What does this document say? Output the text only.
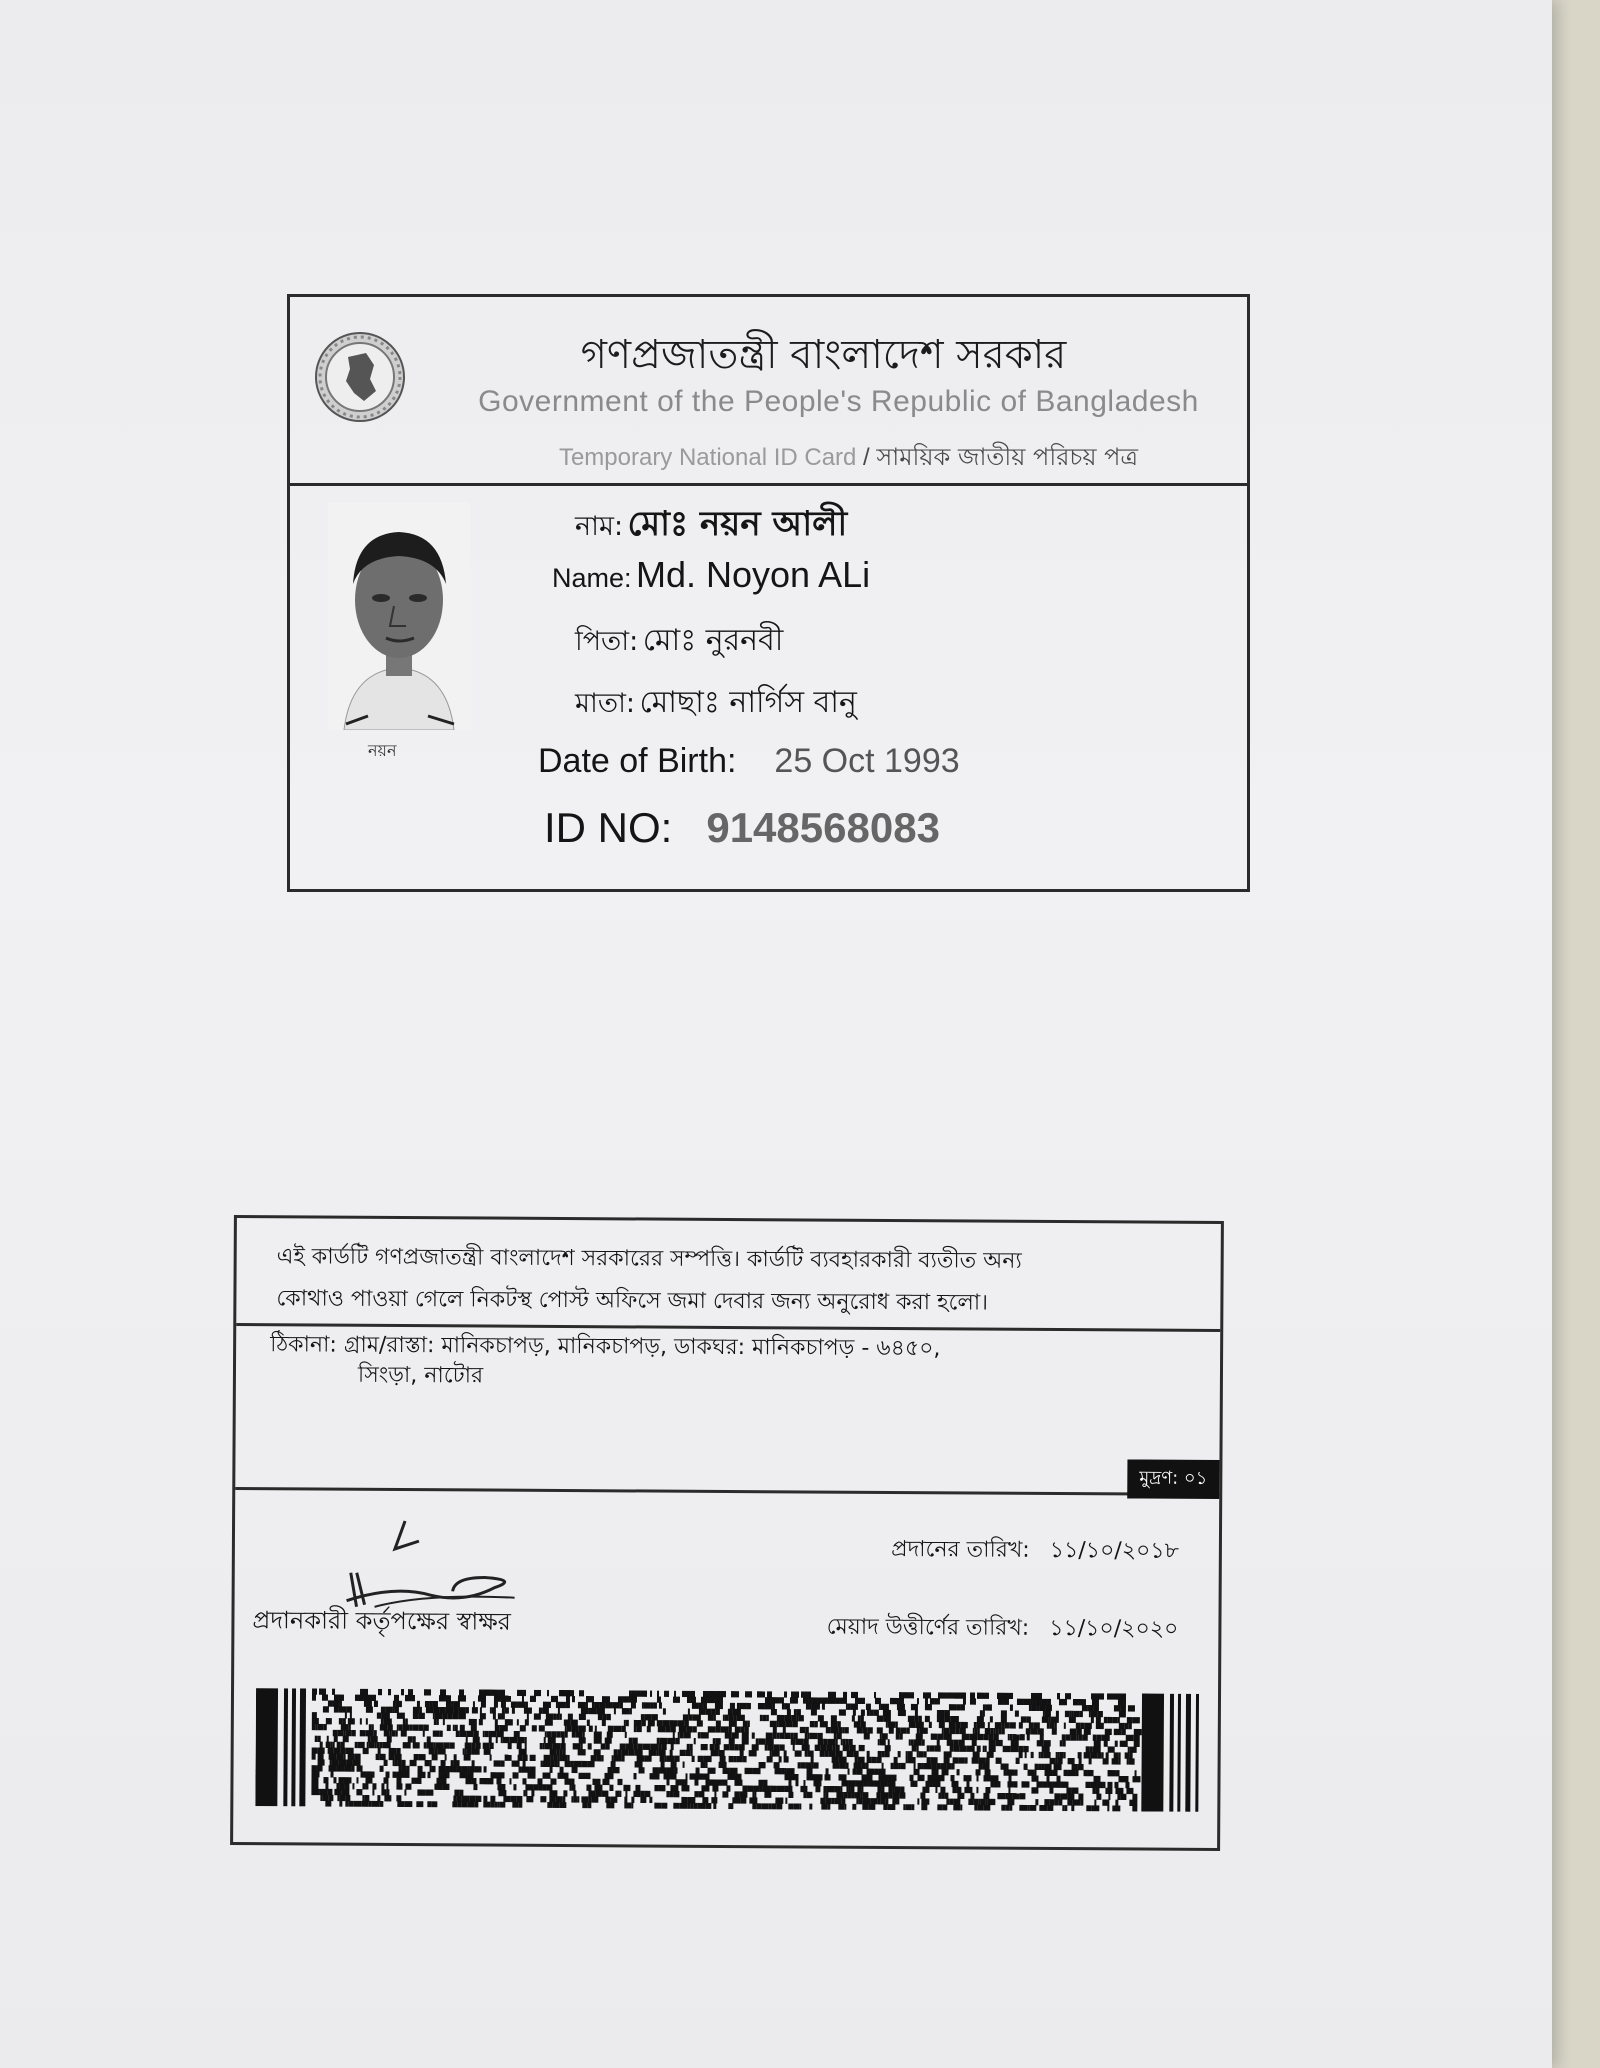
গণপ্রজাতন্ত্রী বাংলাদেশ সরকার
Government of the People's Republic of Bangladesh
Temporary National ID Card / সাময়িক জাতীয় পরিচয় পত্র
নয়ন
নাম: মোঃ নয়ন আলী
Name: Md. Noyon ALi
পিতা: মোঃ নুরনবী
মাতা: মোছাঃ নার্গিস বানু
Date of Birth: 25 Oct 1993
ID NO: 9148568083
এই কার্ডটি গণপ্রজাতন্ত্রী বাংলাদেশ সরকারের সম্পত্তি। কার্ডটি ব্যবহারকারী ব্যতীত অন্য
কোথাও পাওয়া গেলে নিকটস্থ পোস্ট অফিসে জমা দেবার জন্য অনুরোধ করা হলো।
ঠিকানা: গ্রাম/রাস্তা: মানিকচাপড়, মানিকচাপড়, ডাকঘর: মানিকচাপড় - ৬৪৫০,
সিংড়া, নাটোর
মুদ্রণ: ০১
প্রদানকারী কর্তৃপক্ষের স্বাক্ষর
প্রদানের তারিখ: ১১/১০/২০১৮
মেয়াদ উত্তীর্ণের তারিখ: ১১/১০/২০২০
